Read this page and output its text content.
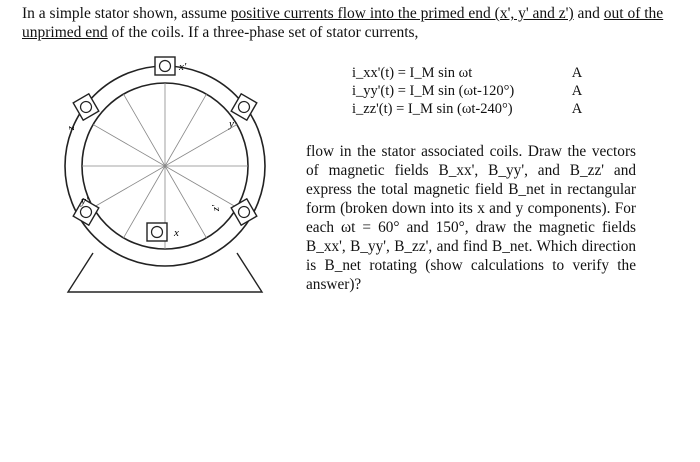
In a simple stator shown, assume positive currents flow into the primed end (x', y' and z') and out of the unprimed end of the coils. If a three-phase set of stator currents,
x'
y
z'
x
y'
z
i_xx'(t) = I_M sin ωt	A
i_yy'(t) = I_M sin (ωt-120°)	A
i_zz'(t) = I_M sin (ωt-240°)	A
flow in the stator associated coils. Draw the vectors of magnetic fields B_xx', B_yy', and B_zz' and express the total magnetic field B_net in rectangular form (broken down into its x and y components). For each ωt = 60° and 150°, draw the magnetic fields B_xx', B_yy', B_zz', and find B_net. Which direction is B_net rotating (show calculations to verify the answer)?
